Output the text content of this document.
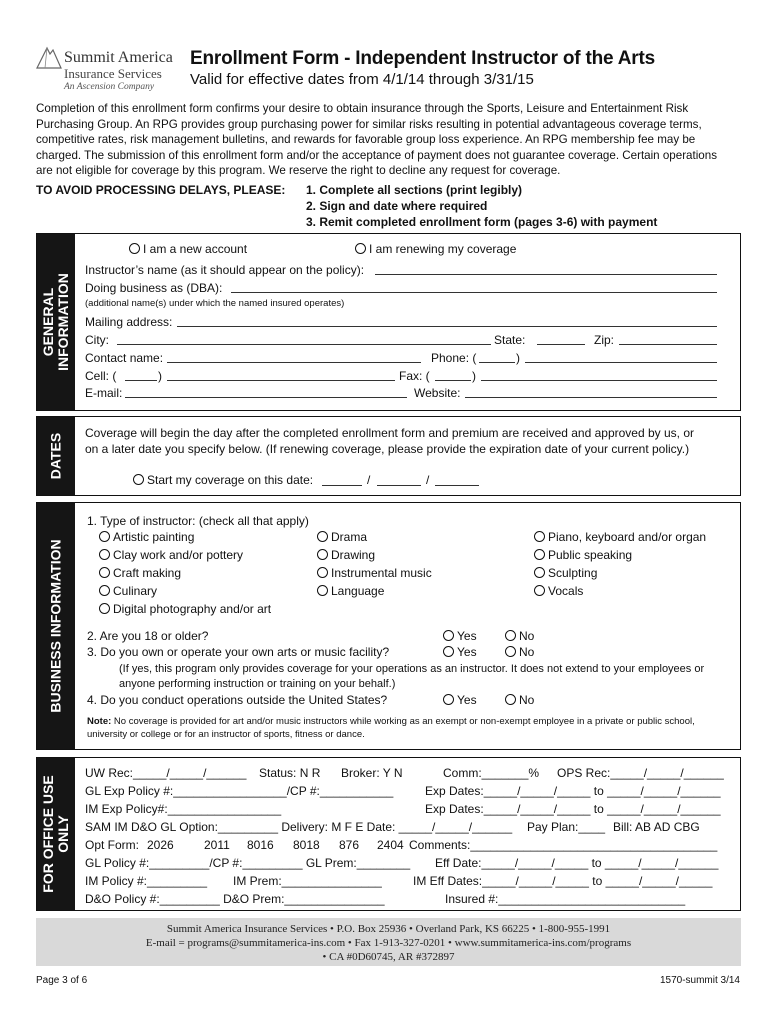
Summit America
Insurance Services
An Ascension Company
Enrollment Form - Independent Instructor of the Arts
Valid for effective dates from 4/1/14 through 3/31/15
Completion of this enrollment form confirms your desire to obtain insurance through the Sports, Leisure and Entertainment Risk Purchasing Group. An RPG provides group purchasing power for similar risks resulting in potential advantageous coverage terms, competitive rates, risk management bulletins, and rewards for favorable group loss experience. An RPG membership fee may be charged. The submission of this enrollment form and/or the acceptance of payment does not guarantee coverage. Certain operations are not eligible for coverage by this program. We reserve the right to decline any request for coverage.
TO AVOID PROCESSING DELAYS, PLEASE: 1. Complete all sections (print legibly)
2. Sign and date where required
3. Remit completed enrollment form (pages 3-6) with payment
GENERAL INFORMATION
I am a new account	I am renewing my coverage
Instructor’s name (as it should appear on the policy):
Doing business as (DBA):
(additional name(s) under which the named insured operates)
Mailing address:
City:	State:	Zip:
Contact name:	Phone: (	)
Cell: (	)	Fax: (	)
E-mail:	Website:
DATES Coverage will begin the day after the completed enrollment form and premium are received and approved by us, or on a later date you specify below. (If renewing coverage, please provide the expiration date of your current policy.)
Start my coverage on this date:	/	/
BUSINESS INFORMATION
1. Type of instructor: (check all that apply)
Artistic painting
Clay work and/or pottery
Craft making
Culinary
Digital photography and/or art
Drama
Drawing
Instrumental music
Language
Piano, keyboard and/or organ
Public speaking
Sculpting
Vocals
2. Are you 18 or older?	Yes	No
3. Do you own or operate your own arts or music facility?	Yes	No
(If yes, this program only provides coverage for your operations as an instructor. It does not extend to your employees or anyone performing instruction or training on your behalf.)
4. Do you conduct operations outside the United States?	Yes	No
Note: No coverage is provided for art and/or music instructors while working as an exempt or non-exempt employee in a private or public school, university or college or for an instructor of sports, fitness or dance.
FOR OFFICE USE ONLY
UW Rec:_____/_____/______ Status: N R Broker: Y N	Comm:_______% OPS Rec:_____/_____/______
GL Exp Policy #:_________________/CP #:___________	Exp Dates:_____/_____/_____ to _____/_____/______
IM Exp Policy#:_________________	Exp Dates:_____/_____/_____ to _____/_____/______
SAM IM D&O GL Option:_________ Delivery: M F E Date: _____/_____/______ Pay Plan:____ Bill: AB AD CBG
Opt Form: 2026	2011 8016 8018 876 2404 Comments:_____________________________________
GL Policy #:_________/CP #:_________ GL Prem:________ Eff Date:_____/_____/_____ to _____/_____/______
IM Policy #:_________ IM Prem:_______________	IM Eff Dates:_____/_____/_____ to _____/_____/_____
D&O Policy #:_________ D&O Prem:_______________	Insured #:____________________________
Summit America Insurance Services • P.O. Box 25936 • Overland Park, KS 66225 • 1-800-955-1991
E-mail = programs@summitamerica-ins.com • Fax 1-913-327-0201 • www.summitamerica-ins.com/programs
• CA #0D60745, AR #372897
Page 3 of 6	1570-summit 3/14
